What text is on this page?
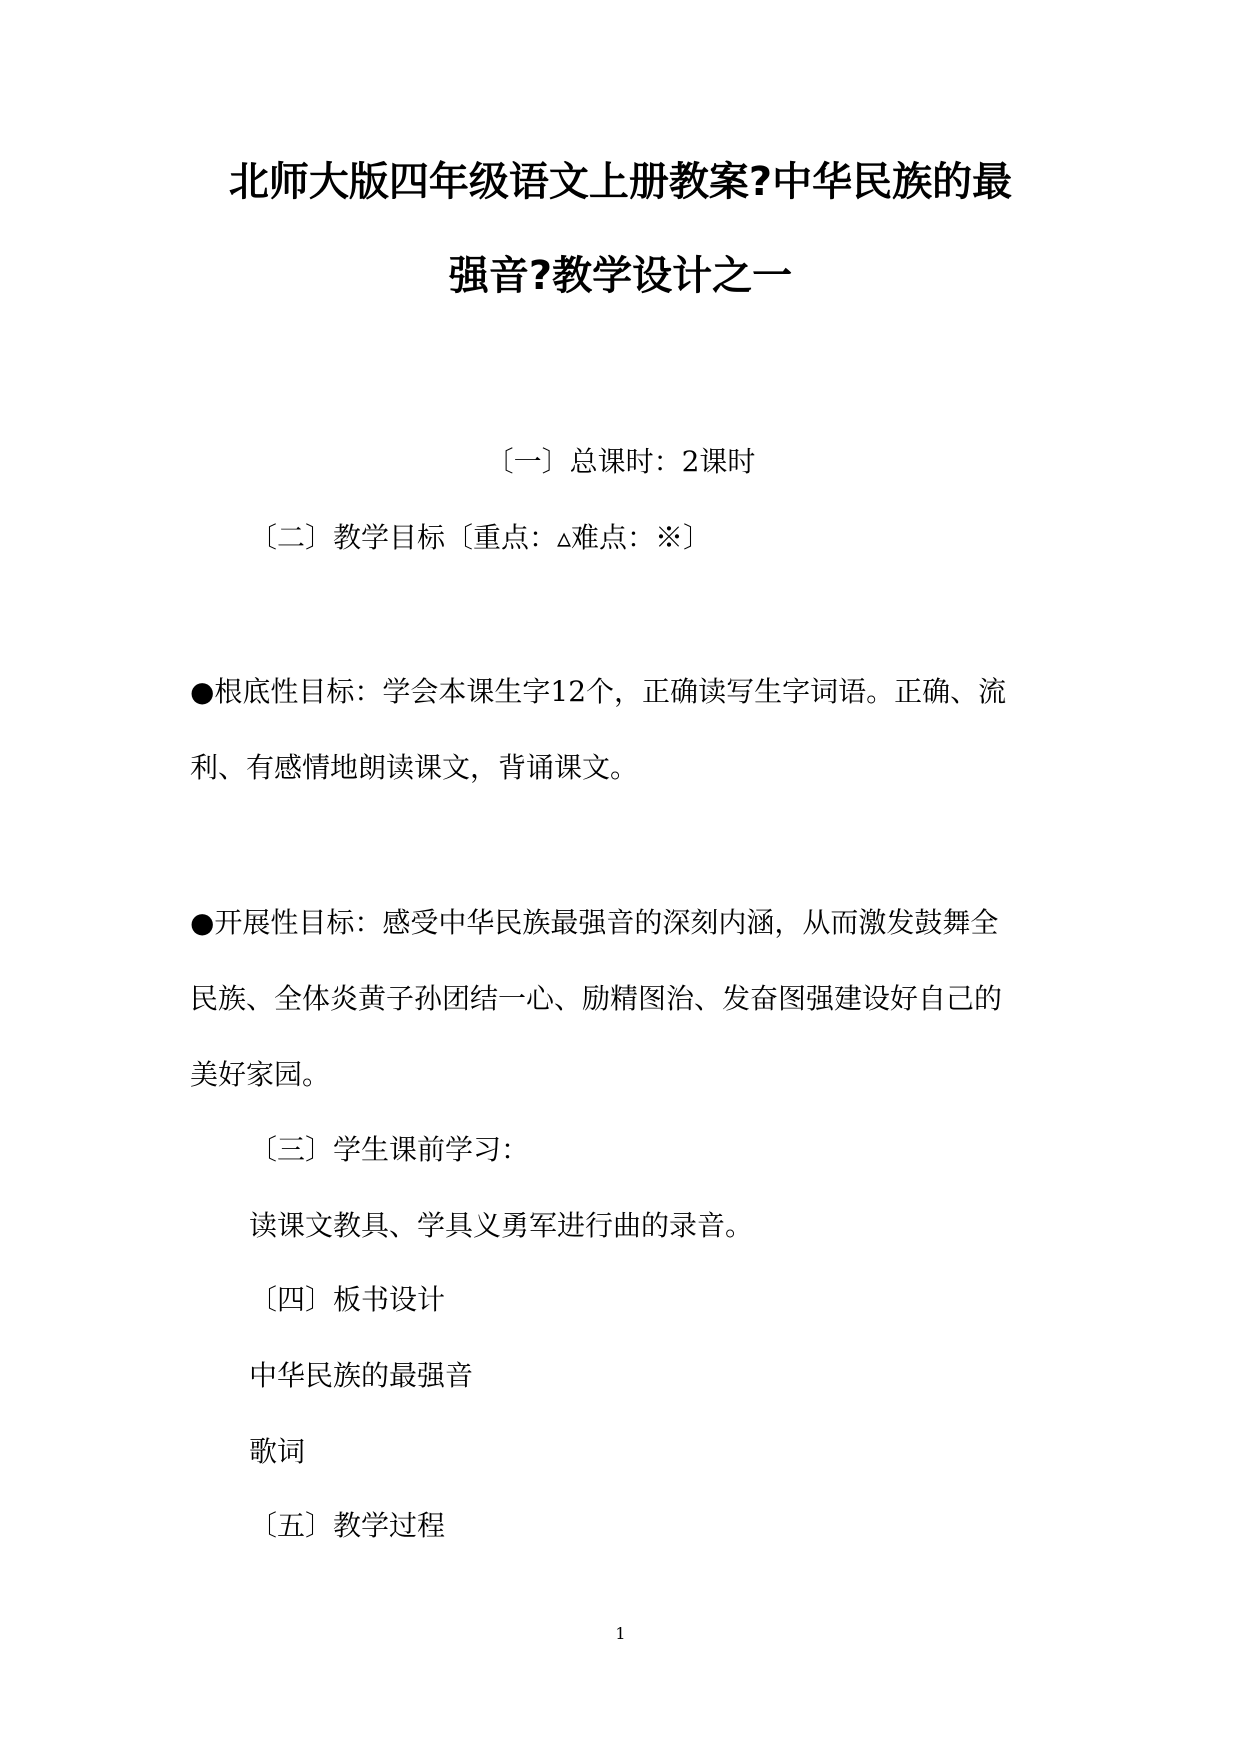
北师大版四年级语文上册教案?中华民族的最
强音?教学设计之一
〔一〕总课时：2课时
〔二〕教学目标〔重点：▵难点：※〕
●根底性目标：学会本课生字12个，正确读写生字词语。正确、流
利、有感情地朗读课文，背诵课文。
●开展性目标：感受中华民族最强音的深刻内涵，从而激发鼓舞全
民族、全体炎黄子孙团结一心、励精图治、发奋图强建设好自己的
美好家园。
〔三〕学生课前学习：
读课文教具、学具义勇军进行曲的录音。
〔四〕板书设计
中华民族的最强音
歌词
〔五〕教学过程
1
